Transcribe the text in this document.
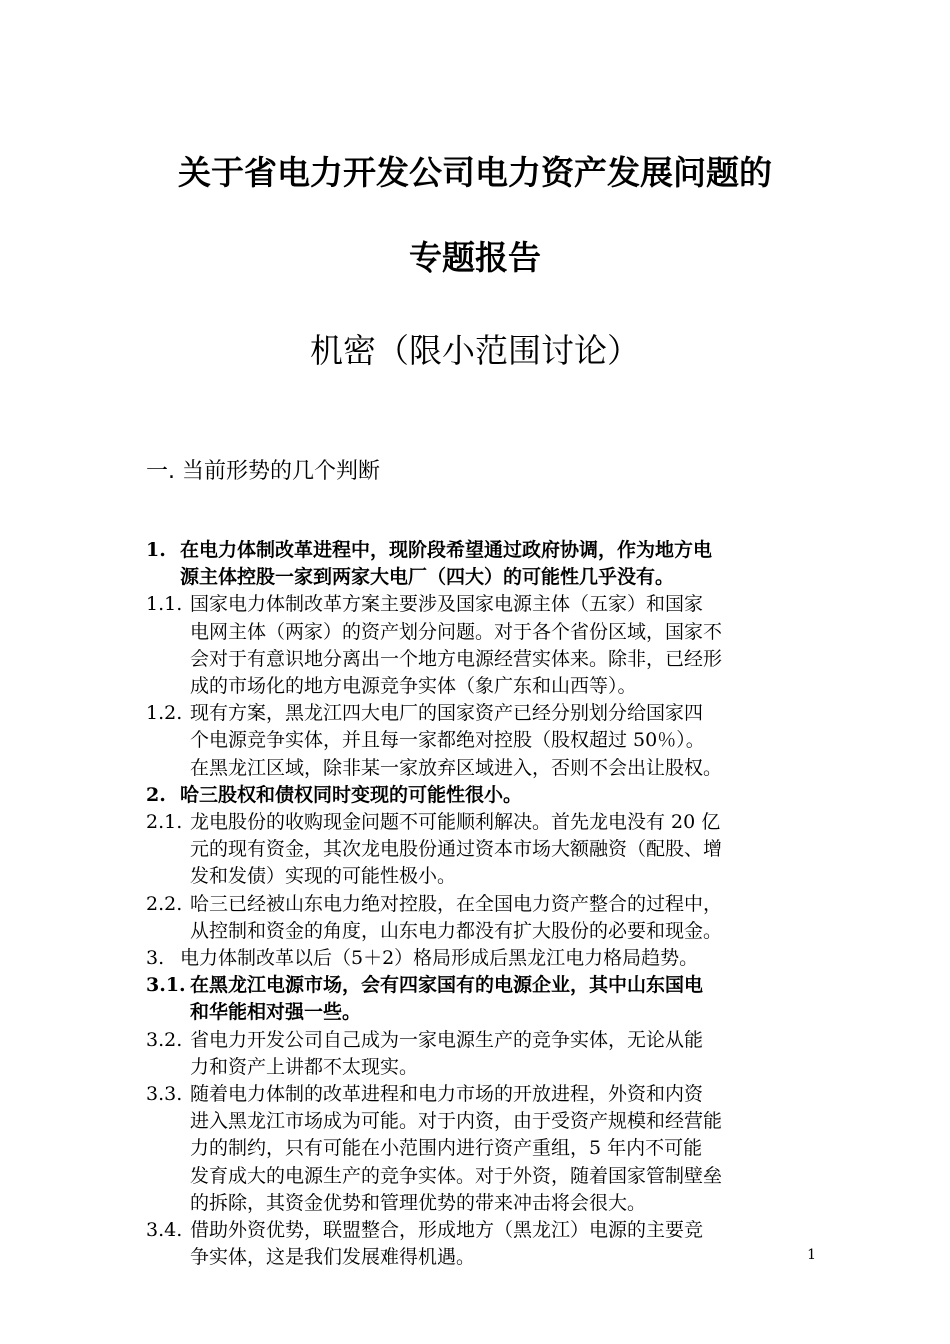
关于省电力开发公司电力资产发展问题的
专题报告
机密（限小范围讨论）
一. 当前形势的几个判断
1. 在电力体制改革进程中，现阶段希望通过政府协调，作为地方电
源主体控股一家到两家大电厂（四大）的可能性几乎没有。
1.1. 国家电力体制改革方案主要涉及国家电源主体（五家）和国家
电网主体（两家）的资产划分问题。对于各个省份区域，国家不
会对于有意识地分离出一个地方电源经营实体来。除非，已经形
成的市场化的地方电源竞争实体（象广东和山西等）。
1.2. 现有方案，黑龙江四大电厂的国家资产已经分别划分给国家四
个电源竞争实体，并且每一家都绝对控股（股权超过 50％）。
在黑龙江区域，除非某一家放弃区域进入，否则不会出让股权。
2. 哈三股权和债权同时变现的可能性很小。
2.1. 龙电股份的收购现金问题不可能顺利解决。首先龙电没有 20 亿
元的现有资金，其次龙电股份通过资本市场大额融资（配股、增
发和发债）实现的可能性极小。
2.2. 哈三已经被山东电力绝对控股，在全国电力资产整合的过程中，
从控制和资金的角度，山东电力都没有扩大股份的必要和现金。
3. 电力体制改革以后（5＋2）格局形成后黑龙江电力格局趋势。
3.1. 在黑龙江电源市场，会有四家国有的电源企业，其中山东国电
和华能相对强一些。
3.2. 省电力开发公司自己成为一家电源生产的竞争实体，无论从能
力和资产上讲都不太现实。
3.3. 随着电力体制的改革进程和电力市场的开放进程，外资和内资
进入黑龙江市场成为可能。对于内资，由于受资产规模和经营能
力的制约，只有可能在小范围内进行资产重组，5 年内不可能
发育成大的电源生产的竞争实体。对于外资，随着国家管制壁垒
的拆除，其资金优势和管理优势的带来冲击将会很大。
3.4. 借助外资优势，联盟整合，形成地方（黑龙江）电源的主要竞
争实体，这是我们发展难得机遇。	1
